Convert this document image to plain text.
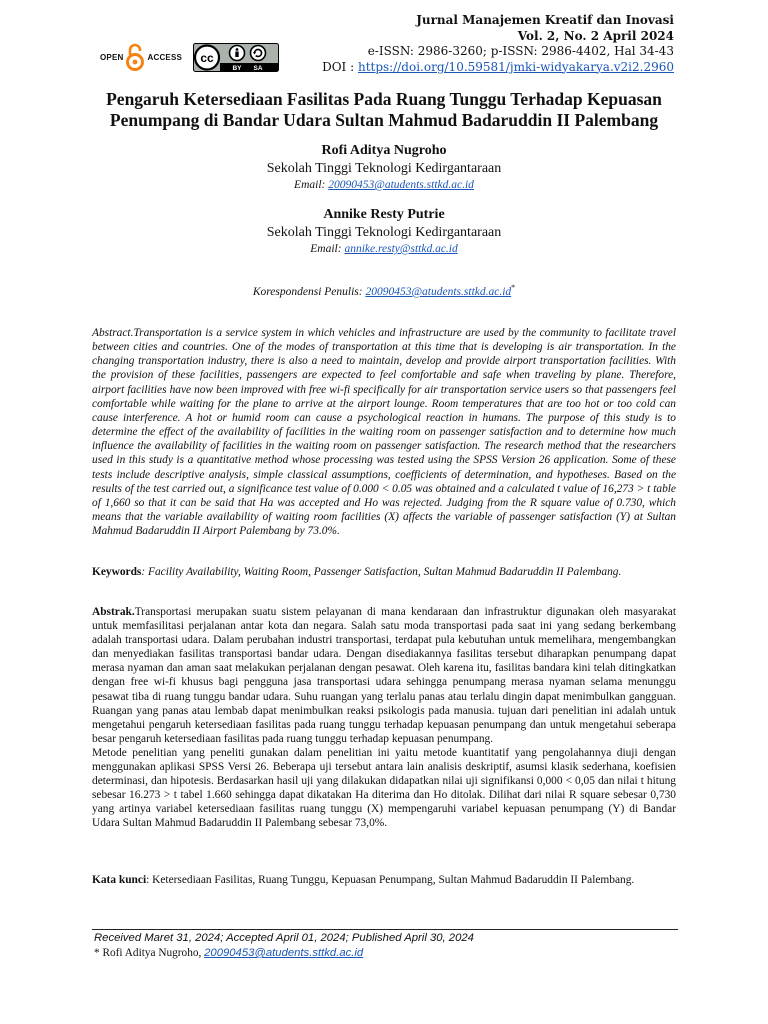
OPEN	ACCESS cc
BY SA
Jurnal Manajemen Kreatif dan Inovasi
Vol. 2, No. 2 April 2024
e-ISSN: 2986-3260; p-ISSN: 2986-4402, Hal 34-43
DOI : https://doi.org/10.59581/jmki-widyakarya.v2i2.2960
Pengaruh Ketersediaan Fasilitas Pada Ruang Tunggu Terhadap Kepuasan
Penumpang di Bandar Udara Sultan Mahmud Badaruddin II Palembang
Rofi Aditya Nugroho
Sekolah Tinggi Teknologi Kedirgantaraan
Email: 20090453@atudents.sttkd.ac.id
Annike Resty Putrie
Sekolah Tinggi Teknologi Kedirgantaraan
Email: annike.resty@sttkd.ac.id
Korespondensi Penulis: 20090453@atudents.sttkd.ac.id*
Abstract.Transportation is a service system in which vehicles and infrastructure are used by the community to facilitate travel between cities and countries. One of the modes of transportation at this time that is developing is air transportation. In the changing transportation industry, there is also a need to maintain, develop and provide airport transportation facilities. With the provision of these facilities, passengers are expected to feel comfortable and safe when traveling by plane. Therefore, airport facilities have now been improved with free wi-fi specifically for air transportation service users so that passengers feel comfortable while waiting for the plane to arrive at the airport lounge. Room temperatures that are too hot or too cold can cause interference. A hot or humid room can cause a psychological reaction in humans. The purpose of this study is to determine the effect of the availability of facilities in the waiting room on passenger satisfaction and to determine how much influence the availability of facilities in the waiting room on passenger satisfaction. The research method that the researchers used in this study is a quantitative method whose processing was tested using the SPSS Version 26 application. Some of these tests include descriptive analysis, simple classical assumptions, coefficients of determination, and hypotheses. Based on the results of the test carried out, a significance test value of 0.000 < 0.05 was obtained and a calculated t value of 16,273 > t table of 1,660 so that it can be said that Ha was accepted and Ho was rejected. Judging from the R square value of 0.730, which means that the variable availability of waiting room facilities (X) affects the variable of passenger satisfaction (Y) at Sultan Mahmud Badaruddin II Airport Palembang by 73.0%.
Keywords: Facility Availability, Waiting Room, Passenger Satisfaction, Sultan Mahmud Badaruddin II Palembang.
Abstrak.Transportasi merupakan suatu sistem pelayanan di mana kendaraan dan infrastruktur digunakan oleh masyarakat untuk memfasilitasi perjalanan antar kota dan negara. Salah satu moda transportasi pada saat ini yang sedang berkembang adalah transportasi udara. Dalam perubahan industri transportasi, terdapat pula kebutuhan untuk memelihara, mengembangkan dan menyediakan fasilitas transportasi bandar udara. Dengan disediakannya fasilitas tersebut diharapkan penumpang dapat merasa nyaman dan aman saat melakukan perjalanan dengan pesawat. Oleh karena itu, fasilitas bandara kini telah ditingkatkan dengan free wi-fi khusus bagi pengguna jasa transportasi udara sehingga penumpang merasa nyaman selama menunggu pesawat tiba di ruang tunggu bandar udara. Suhu ruangan yang terlalu panas atau terlalu dingin dapat menimbulkan gangguan. Ruangan yang panas atau lembab dapat menimbulkan reaksi psikologis pada manusia. tujuan dari penelitian ini adalah untuk mengetahui pengaruh ketersediaan fasilitas pada ruang tunggu terhadap kepuasan penumpang dan untuk mengetahui seberapa besar pengaruh ketersediaan fasilitas pada ruang tunggu terhadap kepuasan penumpang.
Metode penelitian yang peneliti gunakan dalam penelitian ini yaitu metode kuantitatif yang pengolahannya diuji dengan menggunakan aplikasi SPSS Versi 26. Beberapa uji tersebut antara lain analisis deskriptif, asumsi klasik sederhana, koefisien determinasi, dan hipotesis. Berdasarkan hasil uji yang dilakukan didapatkan nilai uji signifikansi 0,000 < 0,05 dan nilai t hitung sebesar 16.273 > t tabel 1.660 sehingga dapat dikatakan Ha diterima dan Ho ditolak. Dilihat dari nilai R square sebesar 0,730 yang artinya variabel ketersediaan fasilitas ruang tunggu (X) mempengaruhi variabel kepuasan penumpang (Y) di Bandar Udara Sultan Mahmud Badaruddin II Palembang sebesar 73,0%.
Kata kunci: Ketersediaan Fasilitas, Ruang Tunggu, Kepuasan Penumpang, Sultan Mahmud Badaruddin II Palembang.
Received Maret 31, 2024; Accepted April 01, 2024; Published April 30, 2024
* Rofi Aditya Nugroho, 20090453@atudents.sttkd.ac.id
